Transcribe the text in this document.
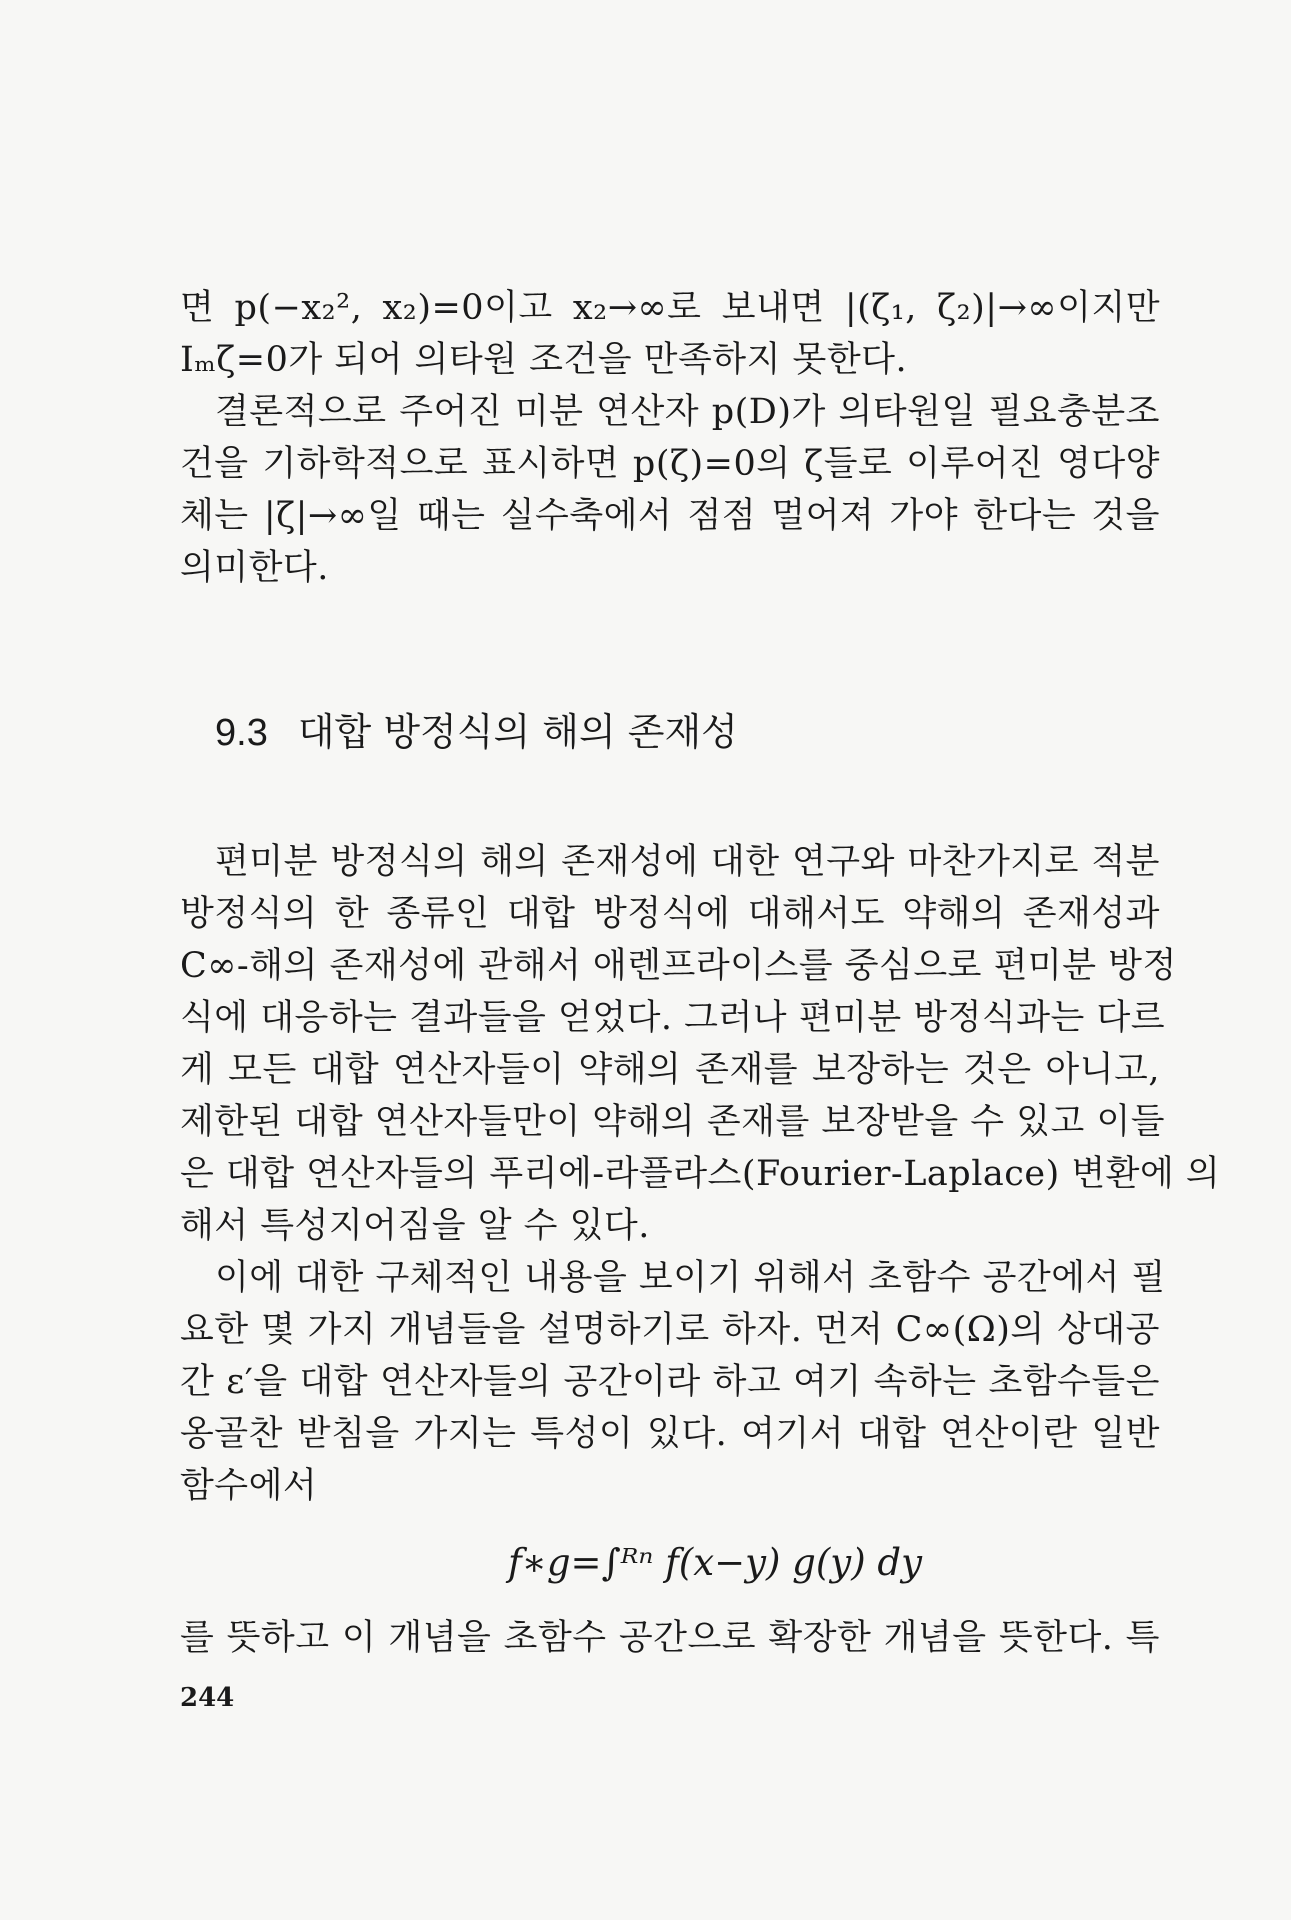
면 p(−x₂², x₂)=0이고 x₂→∞로 보내면 |(ζ₁, ζ₂)|→∞이지만
Iₘζ=0가 되어 의타원 조건을 만족하지 못한다.
결론적으로 주어진 미분 연산자 p(D)가 의타원일 필요충분조
건을 기하학적으로 표시하면 p(ζ)=0의 ζ들로 이루어진 영다양
체는 |ζ|→∞일 때는 실수축에서 점점 멀어져 가야 한다는 것을
의미한다.
9.3 대합 방정식의 해의 존재성
편미분 방정식의 해의 존재성에 대한 연구와 마찬가지로 적분
방정식의 한 종류인 대합 방정식에 대해서도 약해의 존재성과
C∞-해의 존재성에 관해서 애렌프라이스를 중심으로 편미분 방정
식에 대응하는 결과들을 얻었다. 그러나 편미분 방정식과는 다르
게 모든 대합 연산자들이 약해의 존재를 보장하는 것은 아니고,
제한된 대합 연산자들만이 약해의 존재를 보장받을 수 있고 이들
은 대합 연산자들의 푸리에-라플라스(Fourier-Laplace) 변환에 의
해서 특성지어짐을 알 수 있다.
이에 대한 구체적인 내용을 보이기 위해서 초함수 공간에서 필
요한 몇 가지 개념들을 설명하기로 하자. 먼저 C∞(Ω)의 상대공
간 ε′을 대합 연산자들의 공간이라 하고 여기 속하는 초함수들은
옹골찬 받침을 가지는 특성이 있다. 여기서 대합 연산이란 일반
함수에서
f∗g=∫ᴿⁿ f(x−y) g(y) dy
를 뜻하고 이 개념을 초함수 공간으로 확장한 개념을 뜻한다. 특
244
